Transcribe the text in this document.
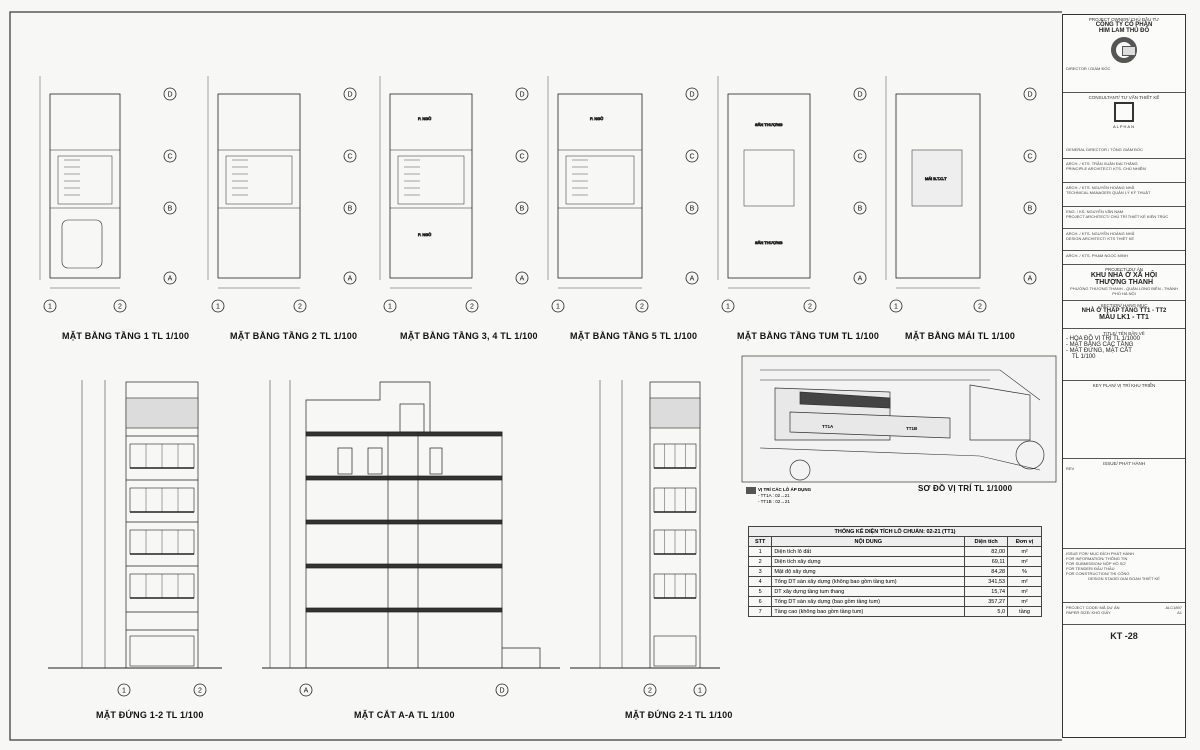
P. NGỦ
P. NGỦ
P. NGỦ
SÂN THƯỢNG
SÂN THƯỢNG
MÁI B.T.C.T
D
C
B
A
1	2
D
C
B
A
1	2
D
C
B
A
1	2
D
C
B
A
1	2
D
C
B
A
1	2
D
C
B
A
1	2
1	2	A	D	2	1
MẶT BẰNG TẦNG 1 TL 1/100	MẶT BẰNG TẦNG 2 TL 1/100	MẶT BẰNG TẦNG 3, 4 TL 1/100	MẶT BẰNG TẦNG 5 TL 1/100	MẶT BẰNG TẦNG TUM TL 1/100	MẶT BẰNG MÁI TL 1/100
MẶT ĐỨNG 1-2 TL 1/100	MẶT CẮT A-A TL 1/100	MẶT ĐỨNG 2-1 TL 1/100
SƠ ĐỒ VỊ TRÍ TL 1/1000
VỊ TRÍ CÁC LÔ ÁP DỤNG
- TT1A : 02→21
- TT1B : 02→21
TT1A	TT1B
THỐNG KÊ DIỆN TÍCH LÔ CHUẨN: 02-21 (TT1)			
STT	NỘI DUNG	Diện tích	Đơn vị
1	Diện tích lô đất	82,00	m²
2	Diện tích xây dựng	69,11	m²
3	Mật độ xây dựng	84,28	%
4	Tổng DT sàn xây dựng (không bao gồm tầng tum)	341,53	m²
5	DT xây dựng tầng tum thang	15,74	m²
6	Tổng DT sàn xây dựng (bao gồm tầng tum)	357,27	m²
7	Tầng cao (không bao gồm tầng tum)	5,0	tầng
PROJECT OWNER/ CHỦ ĐẦU TƯ
CÔNG TY CỔ PHẦN
HIM LAM THỦ ĐÔ
DIRECTOR / GIÁM ĐỐC
CONSULTANT/ TƯ VẤN THIẾT KẾ
ALPHAN
GENERAL DIRECTOR / TỔNG GIÁM ĐỐC
ARCH. / KTS. TRẦN XUÂN ĐẠI THẮNG
PRINCIPLE ARCHITECT/ KTS. CHỦ NHIỆM
ARCH. / KTS. NGUYỄN HOÀNG NHÃ
TECHNICAL MANAGER/ QUẢN LÝ KỸ THUẬT
ENG. / KS. NGUYỄN VĂN NAM
PROJECT ARCHITECT/ CHỦ TRÌ THIẾT KẾ KIẾN TRÚC
ARCH. / KTS. NGUYỄN HOÀNG NHÃ
DESIGN ARCHITECT/ KTS THIẾT KẾ
ARCH. / KTS. PHẠM NGỌC MINH
PROJECT/ DỰ ÁN
KHU NHÀ Ở XÃ HỘI
THƯỢNG THANH
PHƯỜNG THƯỢNG THANH - QUẬN LONG BIÊN - THÀNH PHỐ HÀ NỘI
SECTION/ HẠNG MỤC
NHÀ Ở THẤP TẦNG TT1 - TT2
MẪU LK1 - TT1
TITLE/ TÊN BẢN VẼ
- HỌA ĐỒ VỊ TRÍ TL 1/1000
- MẶT BẰNG CÁC TẦNG
- MẶT ĐỨNG, MẶT CẮT
TL 1/100
KEY PLAN/ VỊ TRÍ KHU TRIỂN
ISSUE/ PHÁT HÀNH
REV
ISSUE FOR/ MỤC ĐÍCH PHÁT HÀNH
FOR INFORMATION/ THÔNG TIN
FOR SUBMISSION/ NỘP HỒ SƠ
FOR TENDER/ ĐẤU THẦU
FOR CONSTRUCTION/ THI CÔNG
DESIGN STAGE/ GIAI ĐOẠN THIẾT KẾ
PROJECT CODE/ MÃ DỰ ÁN	ALC1897
PAPER SIZE/ KHỔ GIẤY	A1
KT -28
